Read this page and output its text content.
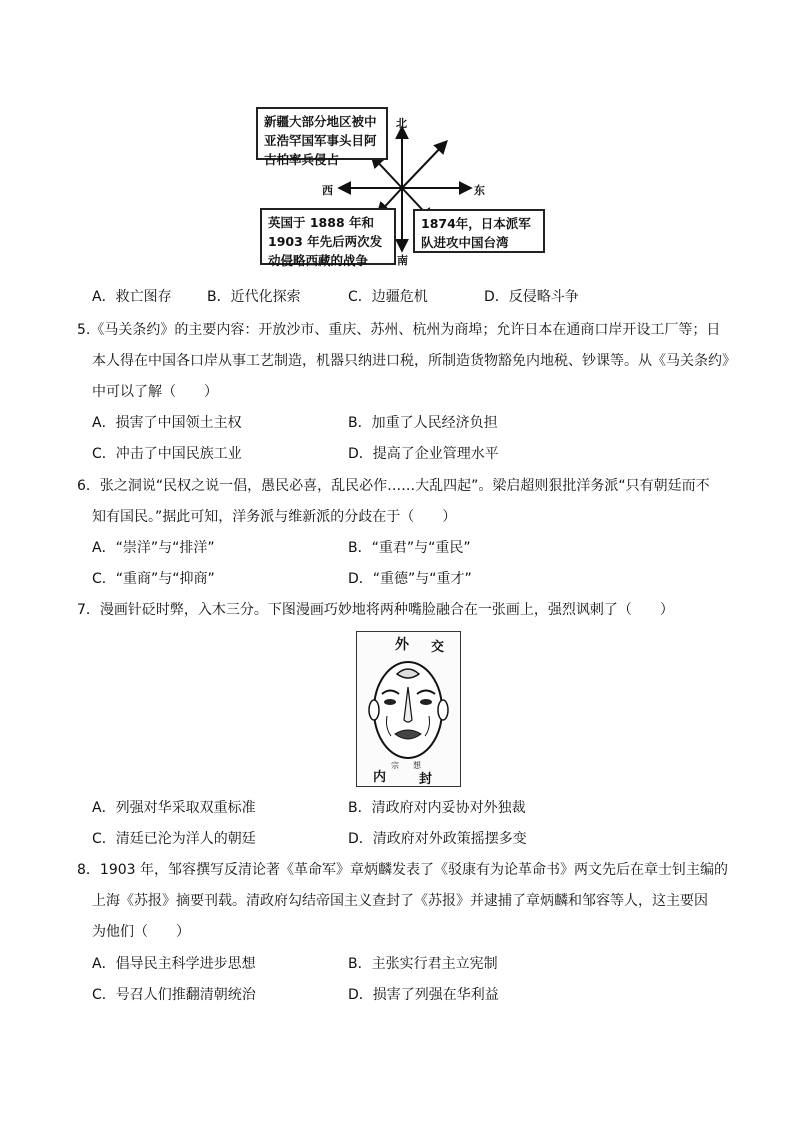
新疆大部分地区被中亚浩罕国军事头目阿古柏率兵侵占
英国于 1888 年和 1903 年先后两次发动侵略西藏的战争
1874年，日本派军队进攻中国台湾
北
南
东
西
A．救亡图存	B．近代化探索	C．边疆危机	D．反侵略斗争
5.《马关条约》的主要内容：开放沙市、重庆、苏州、杭州为商埠；允许日本在通商口岸开设工厂等；日
本人得在中国各口岸从事工艺制造，机器只纳进口税，所制造货物豁免内地税、钞课等。从《马关条约》
中可以了解（　　）
A．损害了中国领土主权	B．加重了人民经济负担
C．冲击了中国民族工业	D．提高了企业管理水平
6．张之洞说“民权之说一倡，愚民必喜，乱民必作……大乱四起”。梁启超则狠批洋务派“只有朝廷而不
知有国民。”据此可知，洋务派与维新派的分歧在于（　　）
A．“崇洋”与“排洋”	B．“重君”与“重民”
C．“重商”与“抑商”	D．“重德”与“重才”
7．漫画针砭时弊，入木三分。下图漫画巧妙地将两种嘴脸融合在一张画上，强烈讽刺了（　　）
外 交
宗 想
内	封
A．列强对华采取双重标准	B．清政府对内妥协对外独裁
C．清廷已沦为洋人的朝廷	D．清政府对外政策摇摆多变
8．1903 年，邹容撰写反清论著《革命军》章炳麟发表了《驳康有为论革命书》两文先后在章士钊主编的
上海《苏报》摘要刊载。清政府勾结帝国主义查封了《苏报》并逮捕了章炳麟和邹容等人，这主要因
为他们（　　）
A．倡导民主科学进步思想	B．主张实行君主立宪制
C．号召人们推翻清朝统治	D．损害了列强在华利益
